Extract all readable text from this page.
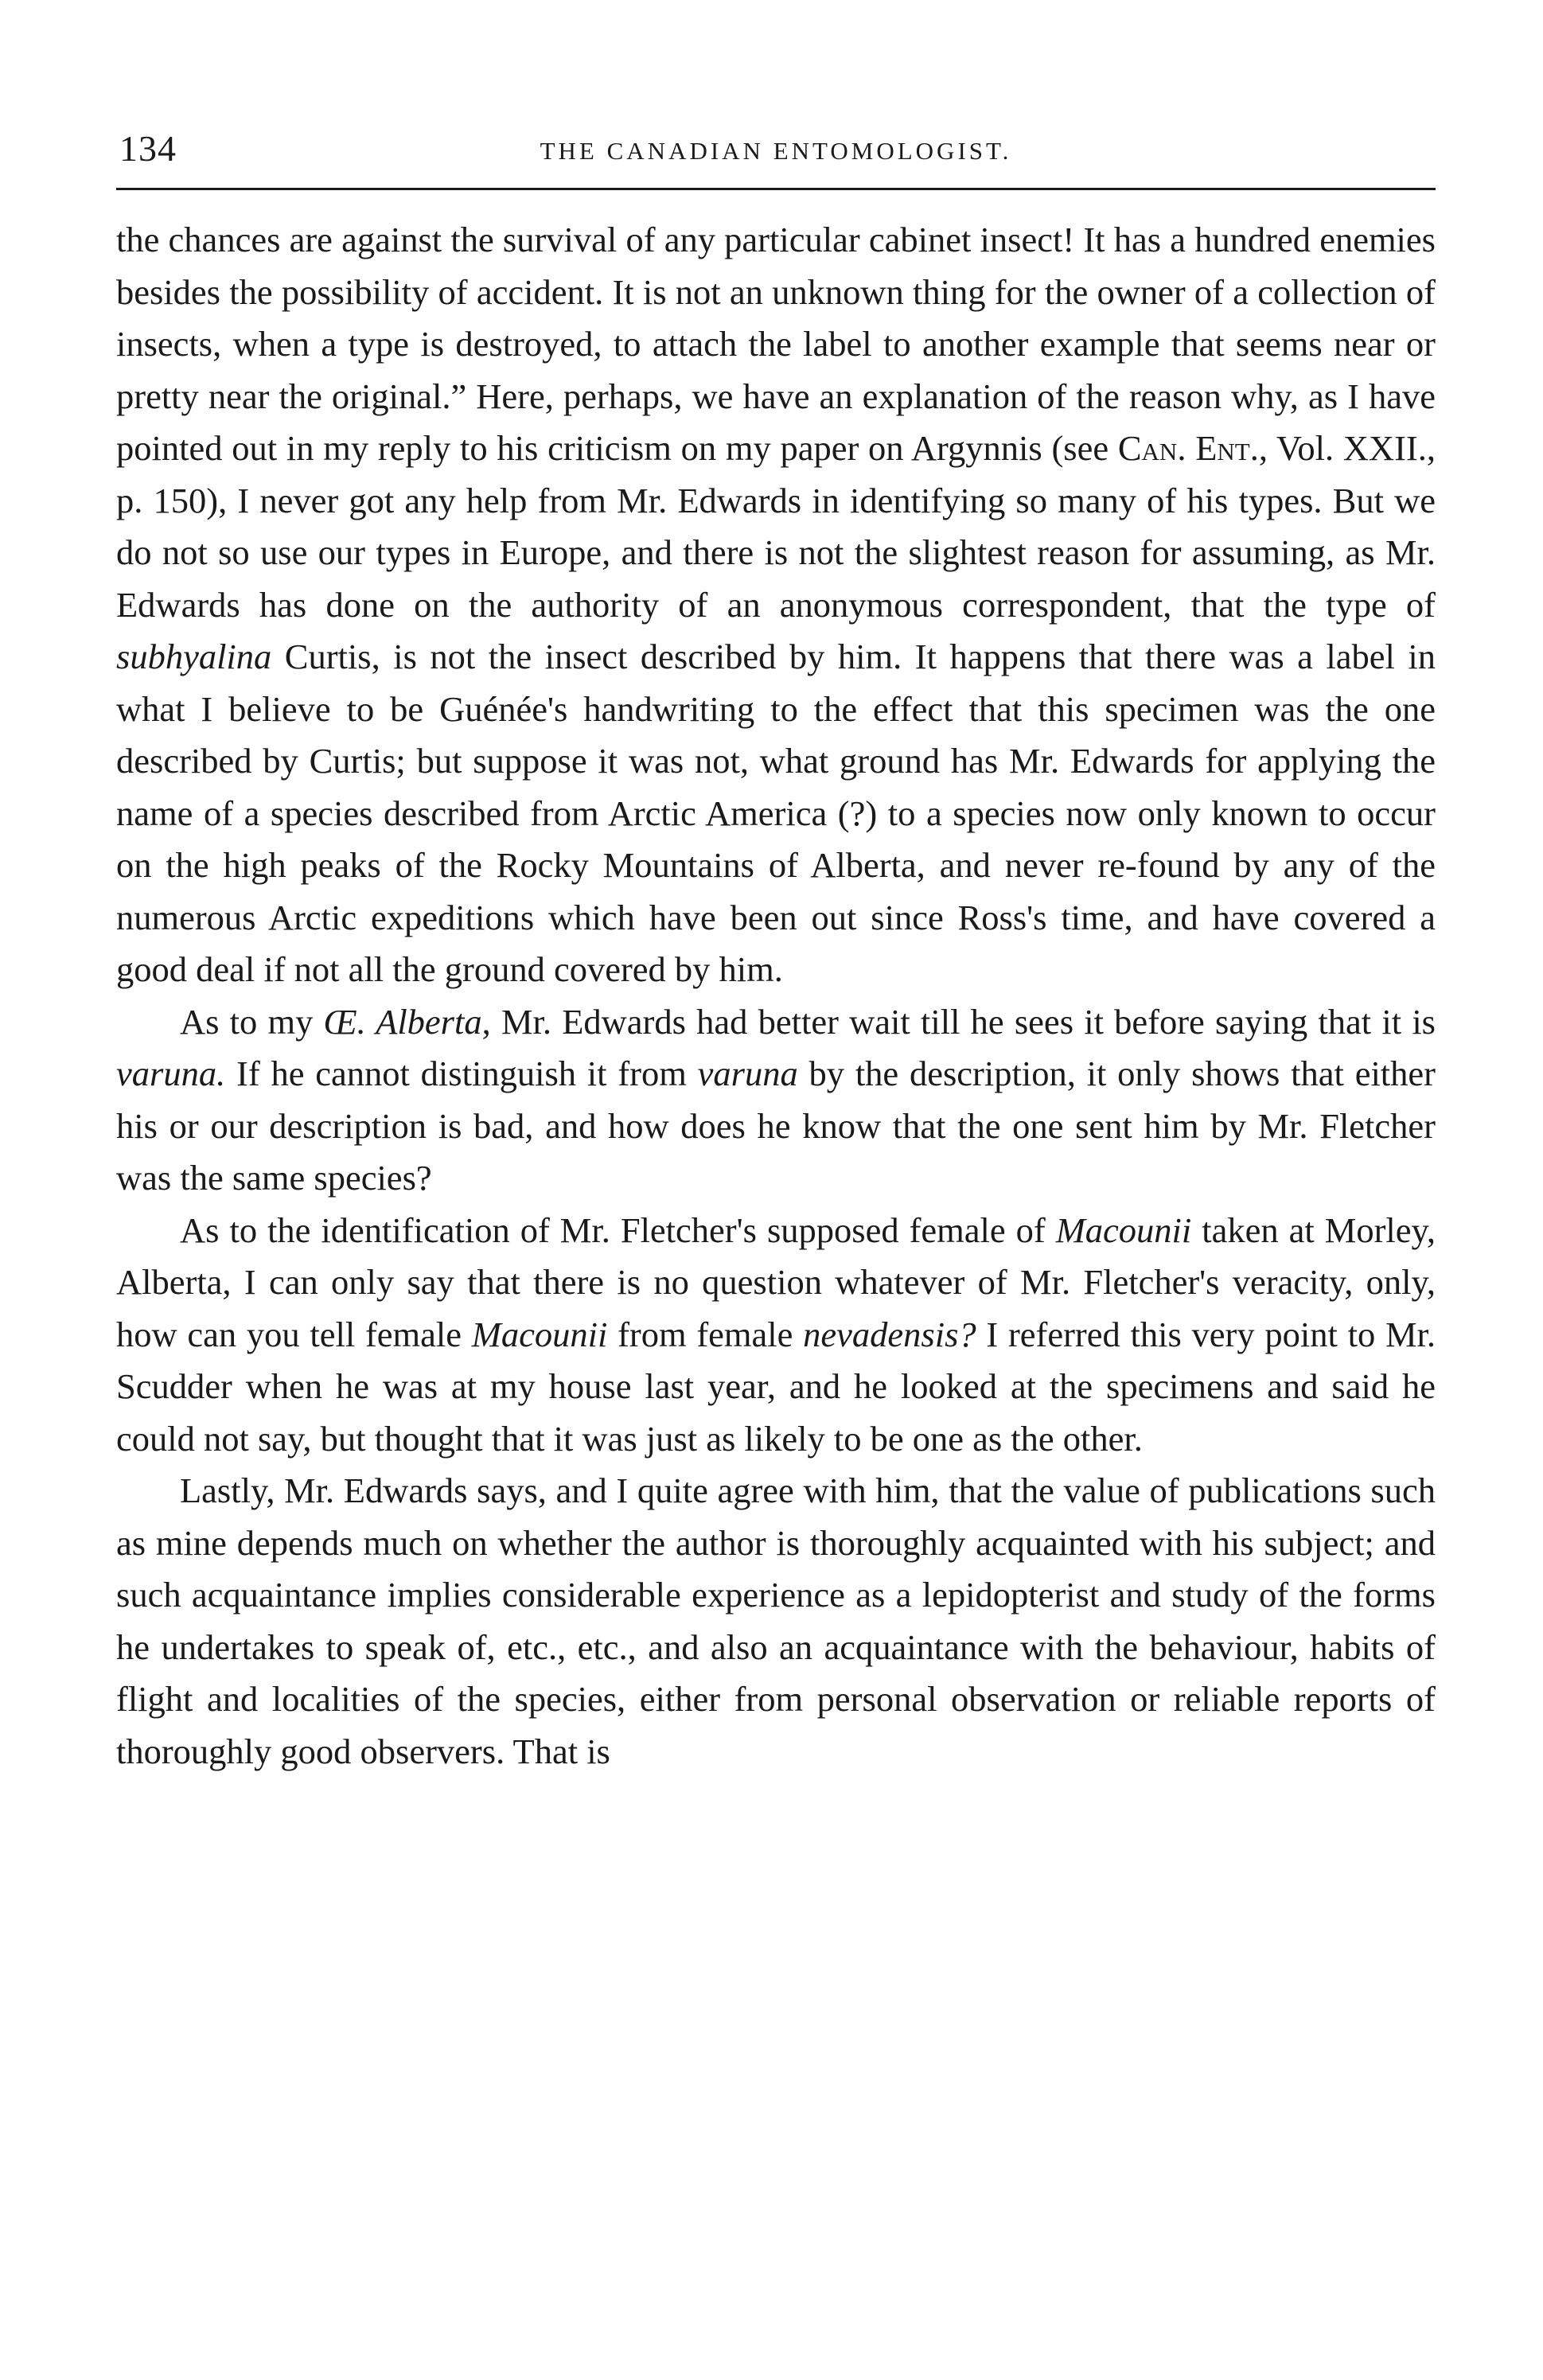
134	THE CANADIAN ENTOMOLOGIST.

the chances are against the survival of any particular cabinet insect! It has a hundred enemies besides the possibility of accident. It is not an unknown thing for the owner of a collection of insects, when a type is destroyed, to attach the label to another example that seems near or pretty near the original.” Here, perhaps, we have an explanation of the reason why, as I have pointed out in my reply to his criticism on my paper on Argynnis (see Can. Ent., Vol. XXII., p. 150), I never got any help from Mr. Edwards in identifying so many of his types. But we do not so use our types in Europe, and there is not the slightest reason for assuming, as Mr. Edwards has done on the authority of an anonymous correspondent, that the type of subhyalina Curtis, is not the insect described by him. It happens that there was a label in what I believe to be Guénée's handwriting to the effect that this specimen was the one described by Curtis; but suppose it was not, what ground has Mr. Edwards for applying the name of a species described from Arctic America (?) to a species now only known to occur on the high peaks of the Rocky Mountains of Alberta, and never re-found by any of the numerous Arctic expeditions which have been out since Ross's time, and have covered a good deal if not all the ground covered by him.

As to my Œ. Alberta, Mr. Edwards had better wait till he sees it before saying that it is varuna. If he cannot distinguish it from varuna by the description, it only shows that either his or our description is bad, and how does he know that the one sent him by Mr. Fletcher was the same species?

As to the identification of Mr. Fletcher's supposed female of Macounii taken at Morley, Alberta, I can only say that there is no question whatever of Mr. Fletcher's veracity, only, how can you tell female Macounii from female nevadensis? I referred this very point to Mr. Scudder when he was at my house last year, and he looked at the specimens and said he could not say, but thought that it was just as likely to be one as the other.

Lastly, Mr. Edwards says, and I quite agree with him, that the value of publications such as mine depends much on whether the author is thoroughly acquainted with his subject; and such acquaintance implies considerable experience as a lepidopterist and study of the forms he undertakes to speak of, etc., etc., and also an acquaintance with the behaviour, habits of flight and localities of the species, either from personal observation or reliable reports of thoroughly good observers. That is
